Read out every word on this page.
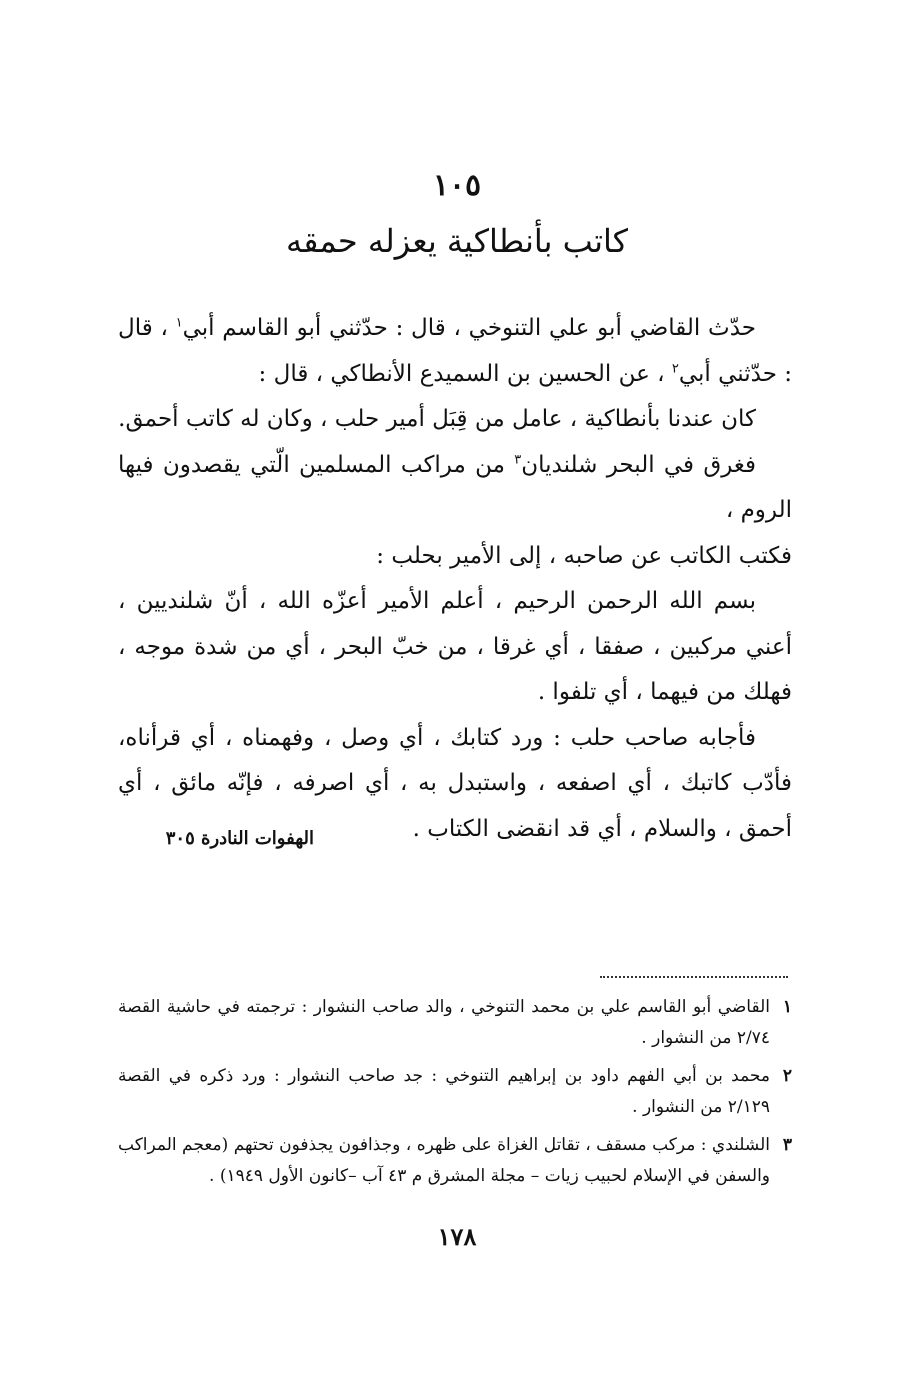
١٠٥
كاتب بأنطاكية يعزله حمقه

حدّث القاضي أبو علي التنوخي ، قال : حدّثني أبو القاسم أبي$^١$ ، قال : حدّثني أبي$^٢$ ، عن الحسين بن السميدع الأنطاكي ، قال :

كان عندنا بأنطاكية ، عامل من قِبَل أمير حلب ، وكان له كاتب أحمق.

فغرق في البحر شلنديان$^٣$ من مراكب المسلمين الّتي يقصدون فيها الروم ،

فكتب الكاتب عن صاحبه ، إلى الأمير بحلب :

بسم الله الرحمن الرحيم ، أعلم الأمير أعزّه الله ، أنّ شلنديين ، أعني مركبين ، صفقا ، أي غرقا ، من خبّ البحر ، أي من شدة موجه ، فهلك من فيهما ، أي تلفوا .

فأجابه صاحب حلب : ورد كتابك ، أي وصل ، وفهمناه ، أي قرأناه، فأدّب كاتبك ، أي اصفعه ، واستبدل به ، أي اصرفه ، فإنّه مائق ، أي أحمق ، والسلام ، أي قد انقضى الكتاب .

الهفوات النادرة ٣٠٥
١
القاضي أبو القاسم علي بن محمد التنوخي ، والد صاحب النشوار : ترجمته في حاشية القصة ٢/٧٤ من النشوار .
٢
محمد بن أبي الفهم داود بن إبراهيم التنوخي : جد صاحب النشوار : ورد ذكره في القصة ٢/١٢٩ من النشوار .
٣
الشلندي : مركب مسقف ، تقاتل الغزاة على ظهره ، وجذافون يجذفون تحتهم (معجم المراكب والسفن في الإسلام لحبيب زيات – مجلة المشرق م ٤٣ آب –كانون الأول ١٩٤٩) .
١٧٨
